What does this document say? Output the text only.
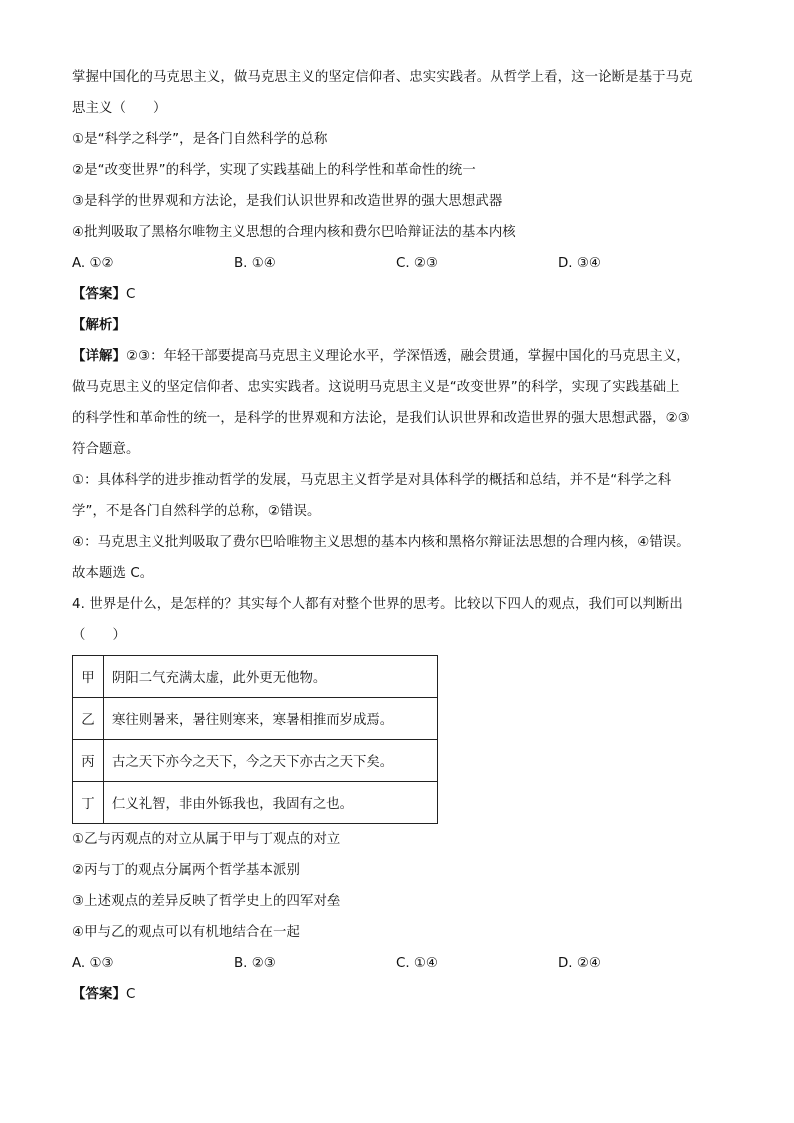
掌握中国化的马克思主义，做马克思主义的坚定信仰者、忠实实践者。从哲学上看，这一论断是基于马克
思主义（　　）
①是“科学之科学”，是各门自然科学的总称
②是“改变世界”的科学，实现了实践基础上的科学性和革命性的统一
③是科学的世界观和方法论，是我们认识世界和改造世界的强大思想武器
④批判吸取了黑格尔唯物主义思想的合理内核和费尔巴哈辩证法的基本内核
A. ①②	B. ①④	C. ②③	D. ③④
【答案】C
【解析】
【详解】②③：年轻干部要提高马克思主义理论水平，学深悟透，融会贯通，掌握中国化的马克思主义，
做马克思主义的坚定信仰者、忠实实践者。这说明马克思主义是“改变世界”的科学，实现了实践基础上
的科学性和革命性的统一，是科学的世界观和方法论，是我们认识世界和改造世界的强大思想武器，②③
符合题意。
①：具体科学的进步推动哲学的发展，马克思主义哲学是对具体科学的概括和总结，并不是“科学之科
学”，不是各门自然科学的总称，②错误。
④：马克思主义批判吸取了费尔巴哈唯物主义思想的基本内核和黑格尔辩证法思想的合理内核，④错误。
故本题选 C。
4. 世界是什么，是怎样的？其实每个人都有对整个世界的思考。比较以下四人的观点，我们可以判断出
（　　）
甲	阴阳二气充满太虚，此外更无他物。
乙	寒往则暑来，暑往则寒来，寒暑相推而岁成焉。
丙	古之天下亦今之天下，今之天下亦古之天下矣。
丁	仁义礼智，非由外铄我也，我固有之也。
①乙与丙观点的对立从属于甲与丁观点的对立
②丙与丁的观点分属两个哲学基本派别
③上述观点的差异反映了哲学史上的四军对垒
④甲与乙的观点可以有机地结合在一起
A. ①③	B. ②③	C. ①④	D. ②④
【答案】C
